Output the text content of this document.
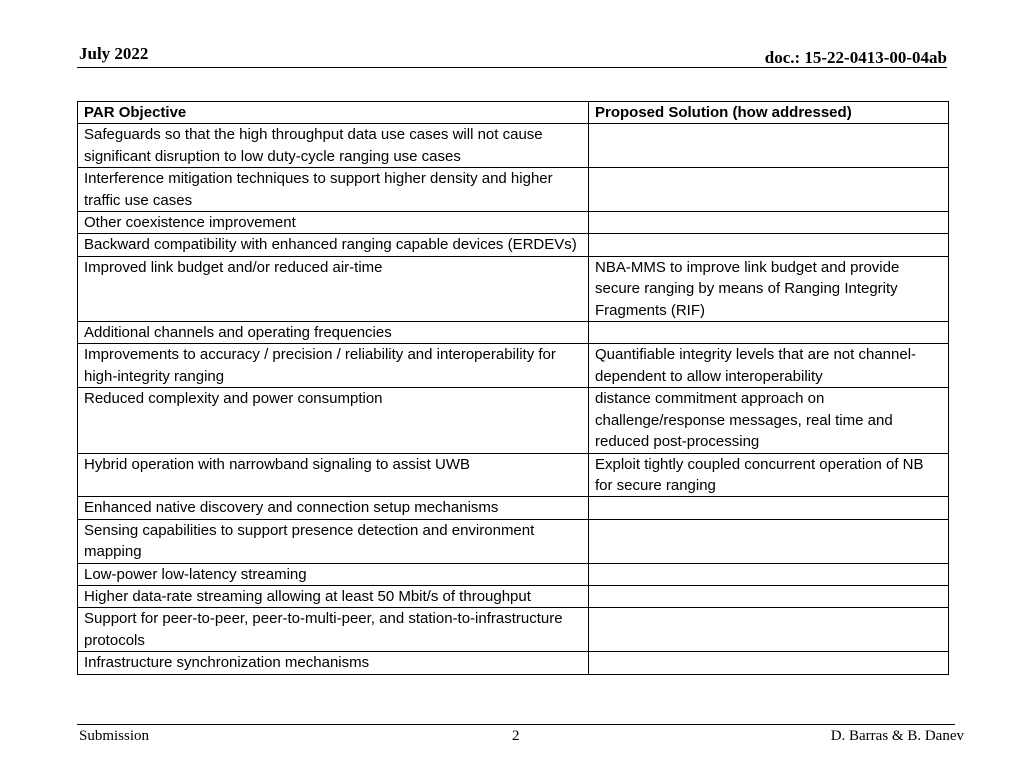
July 2022	doc.: 15-22-0413-00-04ab
PAR Objective	Proposed Solution (how addressed)
Safeguards so that the high throughput data use cases will not cause significant disruption to low duty-cycle ranging use cases	
Interference mitigation techniques to support higher density and higher traffic use cases	
Other coexistence improvement	
Backward compatibility with enhanced ranging capable devices (ERDEVs)	
Improved link budget and/or reduced air-time	NBA-MMS to improve link budget and provide secure ranging by means of Ranging Integrity Fragments (RIF)
Additional channels and operating frequencies	
Improvements to accuracy / precision / reliability and interoperability for high-integrity ranging	Quantifiable integrity levels that are not channel-dependent to allow interoperability
Reduced complexity and power consumption	distance commitment approach on challenge/response messages, real time and reduced post-processing
Hybrid operation with narrowband signaling to assist UWB	Exploit tightly coupled concurrent operation of NB for secure ranging
Enhanced native discovery and connection setup mechanisms	
Sensing capabilities to support presence detection and environment mapping	
Low-power low-latency streaming	
Higher data-rate streaming allowing at least 50 Mbit/s of throughput	
Support for peer-to-peer, peer-to-multi-peer, and station-to-infrastructure protocols	
Infrastructure synchronization mechanisms	
Submission	2	D. Barras & B. Danev
